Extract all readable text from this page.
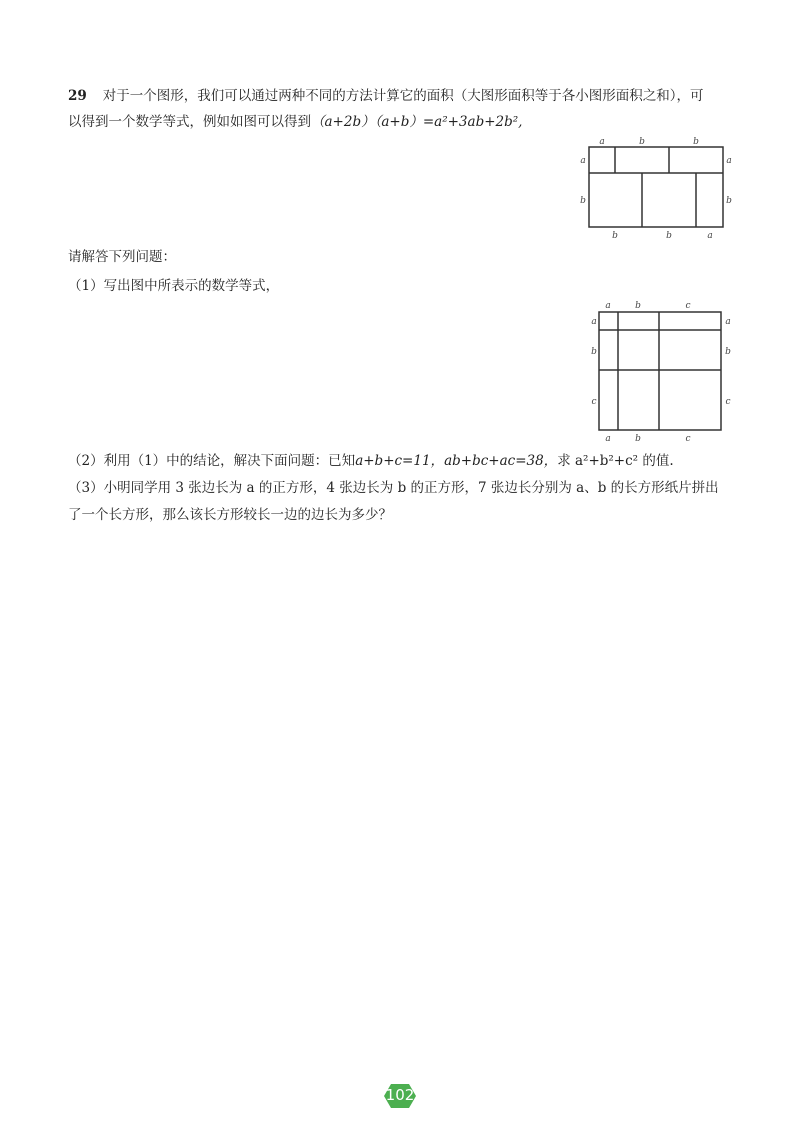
29 对于一个图形，我们可以通过两种不同的方法计算它的面积（大图形面积等于各小图形面积之和），可
以得到一个数学等式，例如如图可以得到（a+2b）（a+b）=a²+3ab+2b²,
a	b	b
b	b	a
a
b
a
b
请解答下列问题：
（1）写出图中所表示的数学等式，
a	b	c
a	b	c
a
b
c
a
b
c
（2）利用（1）中的结论，解决下面问题：已知a+b+c=11，ab+bc+ac=38，求 a²+b²+c² 的值.
（3）小明同学用 3 张边长为 a 的正方形，4 张边长为 b 的正方形，7 张边长分别为 a、b 的长方形纸片拼出
了一个长方形，那么该长方形较长一边的边长为多少？
102
